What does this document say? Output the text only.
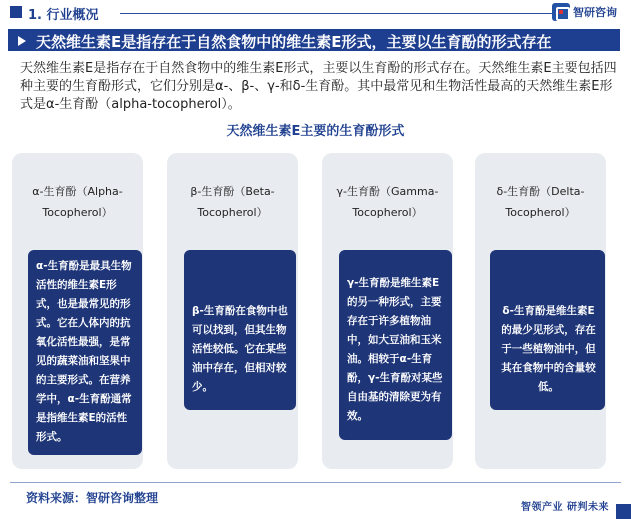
1. 行业概况	智研咨询
天然维生素E是指存在于自然食物中的维生素E形式，主要以生育酚的形式存在
天然维生素E是指存在于自然食物中的维生素E形式，主要以生育酚的形式存在。天然维生素E主要包括四种主要的生育酚形式，它们分别是α-、β-、γ-和δ-生育酚。其中最常见和生物活性最高的天然维生素E形式是α-生育酚（alpha-tocopherol）。
天然维生素E主要的生育酚形式
α-生育酚（Alpha-
Tocopherol）
α-生育酚是最具生物活性的维生素E形式，也是最常见的形式。它在人体内的抗氧化活性最强，是常见的蔬菜油和坚果中的主要形式。在营养学中，α-生育酚通常是指维生素E的活性形式。
β-生育酚（Beta-
Tocopherol）
β-生育酚在食物中也可以找到，但其生物活性较低。它在某些油中存在，但相对较少。
γ-生育酚（Gamma-
Tocopherol）
γ-生育酚是维生素E的另一种形式，主要存在于许多植物油中，如大豆油和玉米油。相较于α-生育酚，γ-生育酚对某些自由基的清除更为有效。
δ-生育酚（Delta-
Tocopherol）
δ-生育酚是维生素E的最少见形式，存在于一些植物油中，但其在食物中的含量较低。
资料来源：智研咨询整理
智领产业 研判未来
